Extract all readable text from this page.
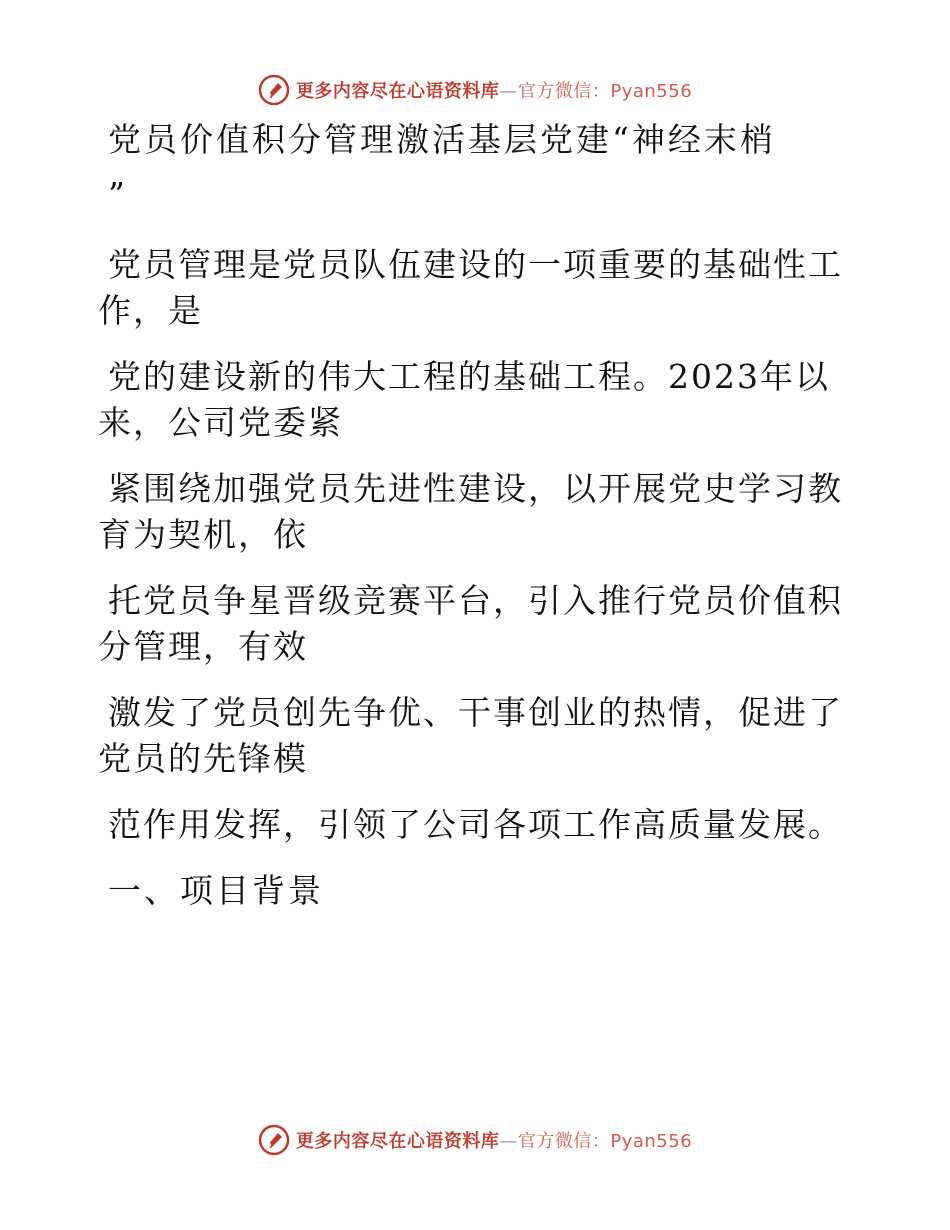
更多内容尽在心语资料库—官方微信：Pyan556
党员价值积分管理激活基层党建“神经末梢
”

党员管理是党员队伍建设的一项重要的基础性工
作，是

党的建设新的伟大工程的基础工程。2023年以
来，公司党委紧

紧围绕加强党员先进性建设，以开展党史学习教
育为契机，依

托党员争星晋级竞赛平台，引入推行党员价值积
分管理，有效

激发了党员创先争优、干事创业的热情，促进了
党员的先锋模

范作用发挥，引领了公司各项工作高质量发展。

一、项目背景
更多内容尽在心语资料库—官方微信：Pyan556
